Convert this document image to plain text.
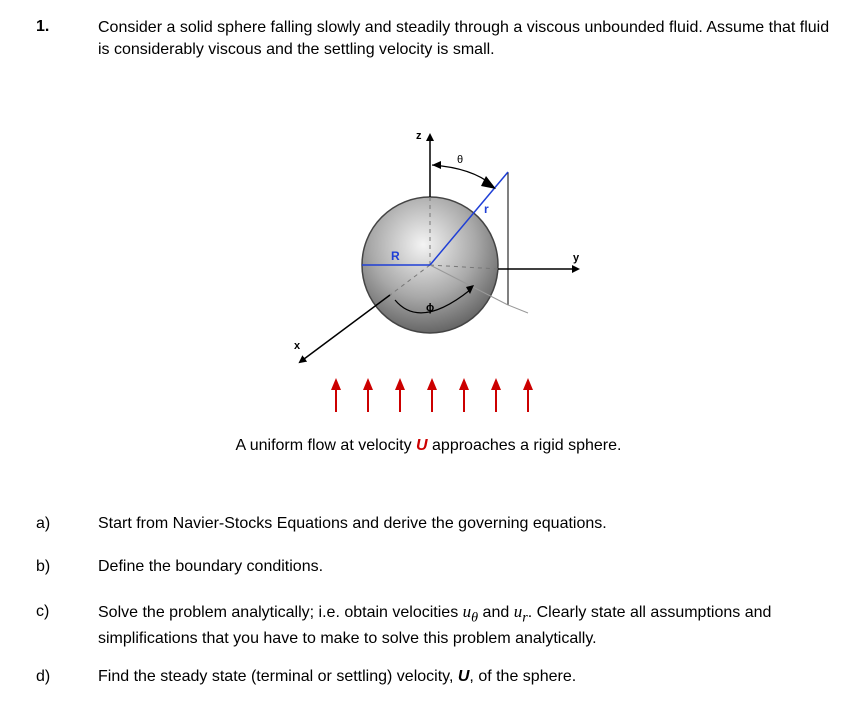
1.	Consider a solid sphere falling slowly and steadily through a viscous unbounded fluid. Assume that fluid is considerably viscous and the settling velocity is small.
z
y
x
θ
r
R
ϕ
A uniform flow at velocity U approaches a rigid sphere.
a)	Start from Navier-Stocks Equations and derive the governing equations.
b)	Define the boundary conditions.
c)	Solve the problem analytically; i.e. obtain velocities $u_\theta$ and $u_r$. Clearly state all assumptions and simplifications that you have to make to solve this problem analytically.
d)	Find the steady state (terminal or settling) velocity, U, of the sphere.
